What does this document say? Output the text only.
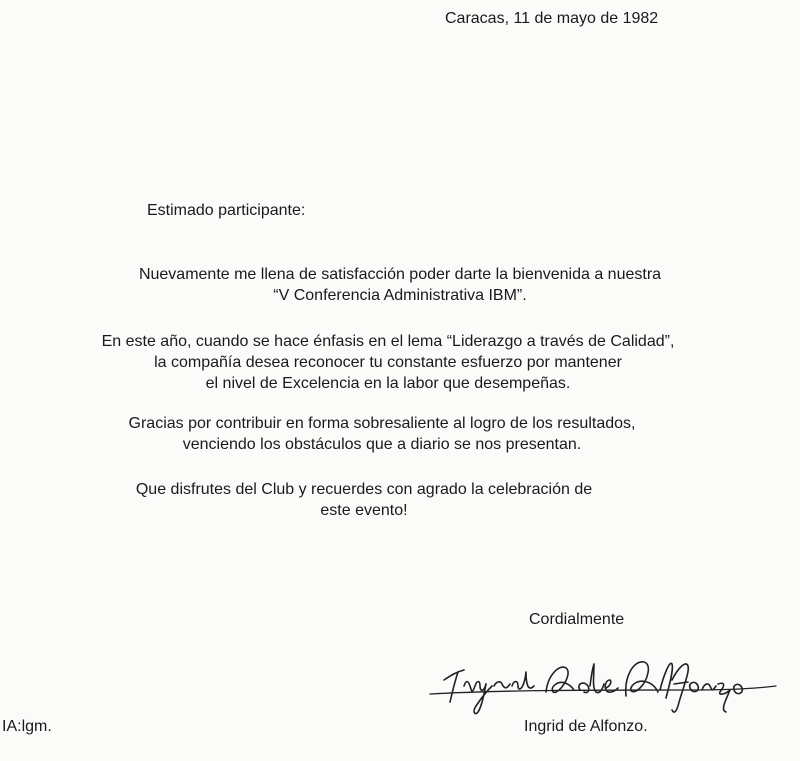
Caracas, 11 de mayo de 1982
Estimado participante:
Nuevamente me llena de satisfacción poder darte la bienvenida a nuestra
“V Conferencia Administrativa IBM”.
En este año, cuando se hace énfasis en el lema “Liderazgo a través de Calidad”,
la compañía desea reconocer tu constante esfuerzo por mantener
el nivel de Excelencia en la labor que desempeñas.
Gracias por contribuir en forma sobresaliente al logro de los resultados,
venciendo los obstáculos que a diario se nos presentan.
Que disfrutes del Club y recuerdes con agrado la celebración de
este evento!
Cordialmente
Ingrid de Alfonzo.
IA:lgm.
